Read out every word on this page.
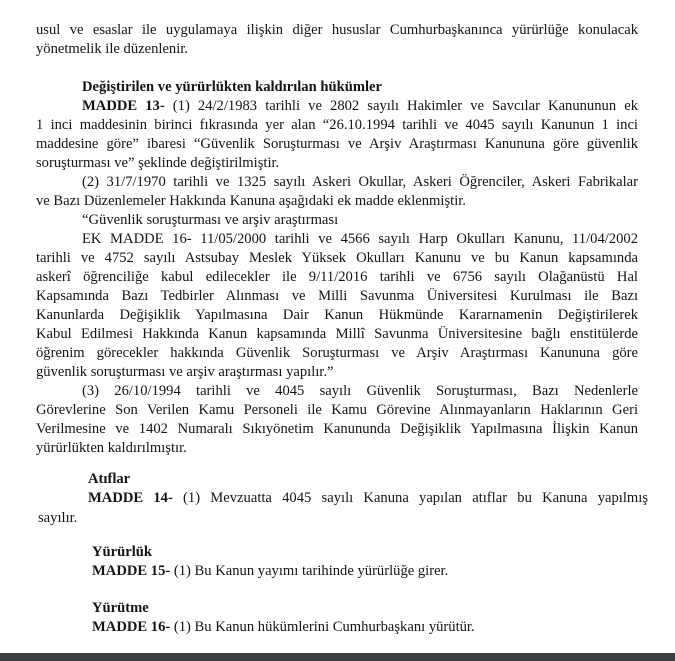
usul ve esaslar ile uygulamaya ilişkin diğer hususlar Cumhurbaşkanınca yürürlüğe konulacak
yönetmelik ile düzenlenir.
Değiştirilen ve yürürlükten kaldırılan hükümler
MADDE 13- (1) 24/2/1983 tarihli ve 2802 sayılı Hakimler ve Savcılar Kanununun ek
1 inci maddesinin birinci fıkrasında yer alan “26.10.1994 tarihli ve 4045 sayılı Kanunun 1 inci
maddesine göre” ibaresi “Güvenlik Soruşturması ve Arşiv Araştırması Kanununa göre güvenlik
soruşturması ve” şeklinde değiştirilmiştir.
(2) 31/7/1970 tarihli ve 1325 sayılı Askeri Okullar, Askeri Öğrenciler, Askeri Fabrikalar
ve Bazı Düzenlemeler Hakkında Kanuna aşağıdaki ek madde eklenmiştir.
“Güvenlik soruşturması ve arşiv araştırması
EK MADDE 16- 11/05/2000 tarihli ve 4566 sayılı Harp Okulları Kanunu, 11/04/2002
tarihli ve 4752 sayılı Astsubay Meslek Yüksek Okulları Kanunu ve bu Kanun kapsamında
askerî öğrenciliğe kabul edilecekler ile 9/11/2016 tarihli ve 6756 sayılı Olağanüstü Hal
Kapsamında Bazı Tedbirler Alınması ve Milli Savunma Üniversitesi Kurulması ile Bazı
Kanunlarda Değişiklik Yapılmasına Dair Kanun Hükmünde Kararnamenin Değiştirilerek
Kabul Edilmesi Hakkında Kanun kapsamında Millî Savunma Üniversitesine bağlı enstitülerde
öğrenim görecekler hakkında Güvenlik Soruşturması ve Arşiv Araştırması Kanununa göre
güvenlik soruşturması ve arşiv araştırması yapılır.”
(3) 26/10/1994 tarihli ve 4045 sayılı Güvenlik Soruşturması, Bazı Nedenlerle
Görevlerine Son Verilen Kamu Personeli ile Kamu Görevine Alınmayanların Haklarının Geri
Verilmesine ve 1402 Numaralı Sıkıyönetim Kanununda Değişiklik Yapılmasına İlişkin Kanun
yürürlükten kaldırılmıştır.
Atıflar
MADDE 14- (1) Mevzuatta 4045 sayılı Kanuna yapılan atıflar bu Kanuna yapılmış
sayılır.
Yürürlük
MADDE 15- (1) Bu Kanun yayımı tarihinde yürürlüğe girer.
Yürütme
MADDE 16- (1) Bu Kanun hükümlerini Cumhurbaşkanı yürütür.
